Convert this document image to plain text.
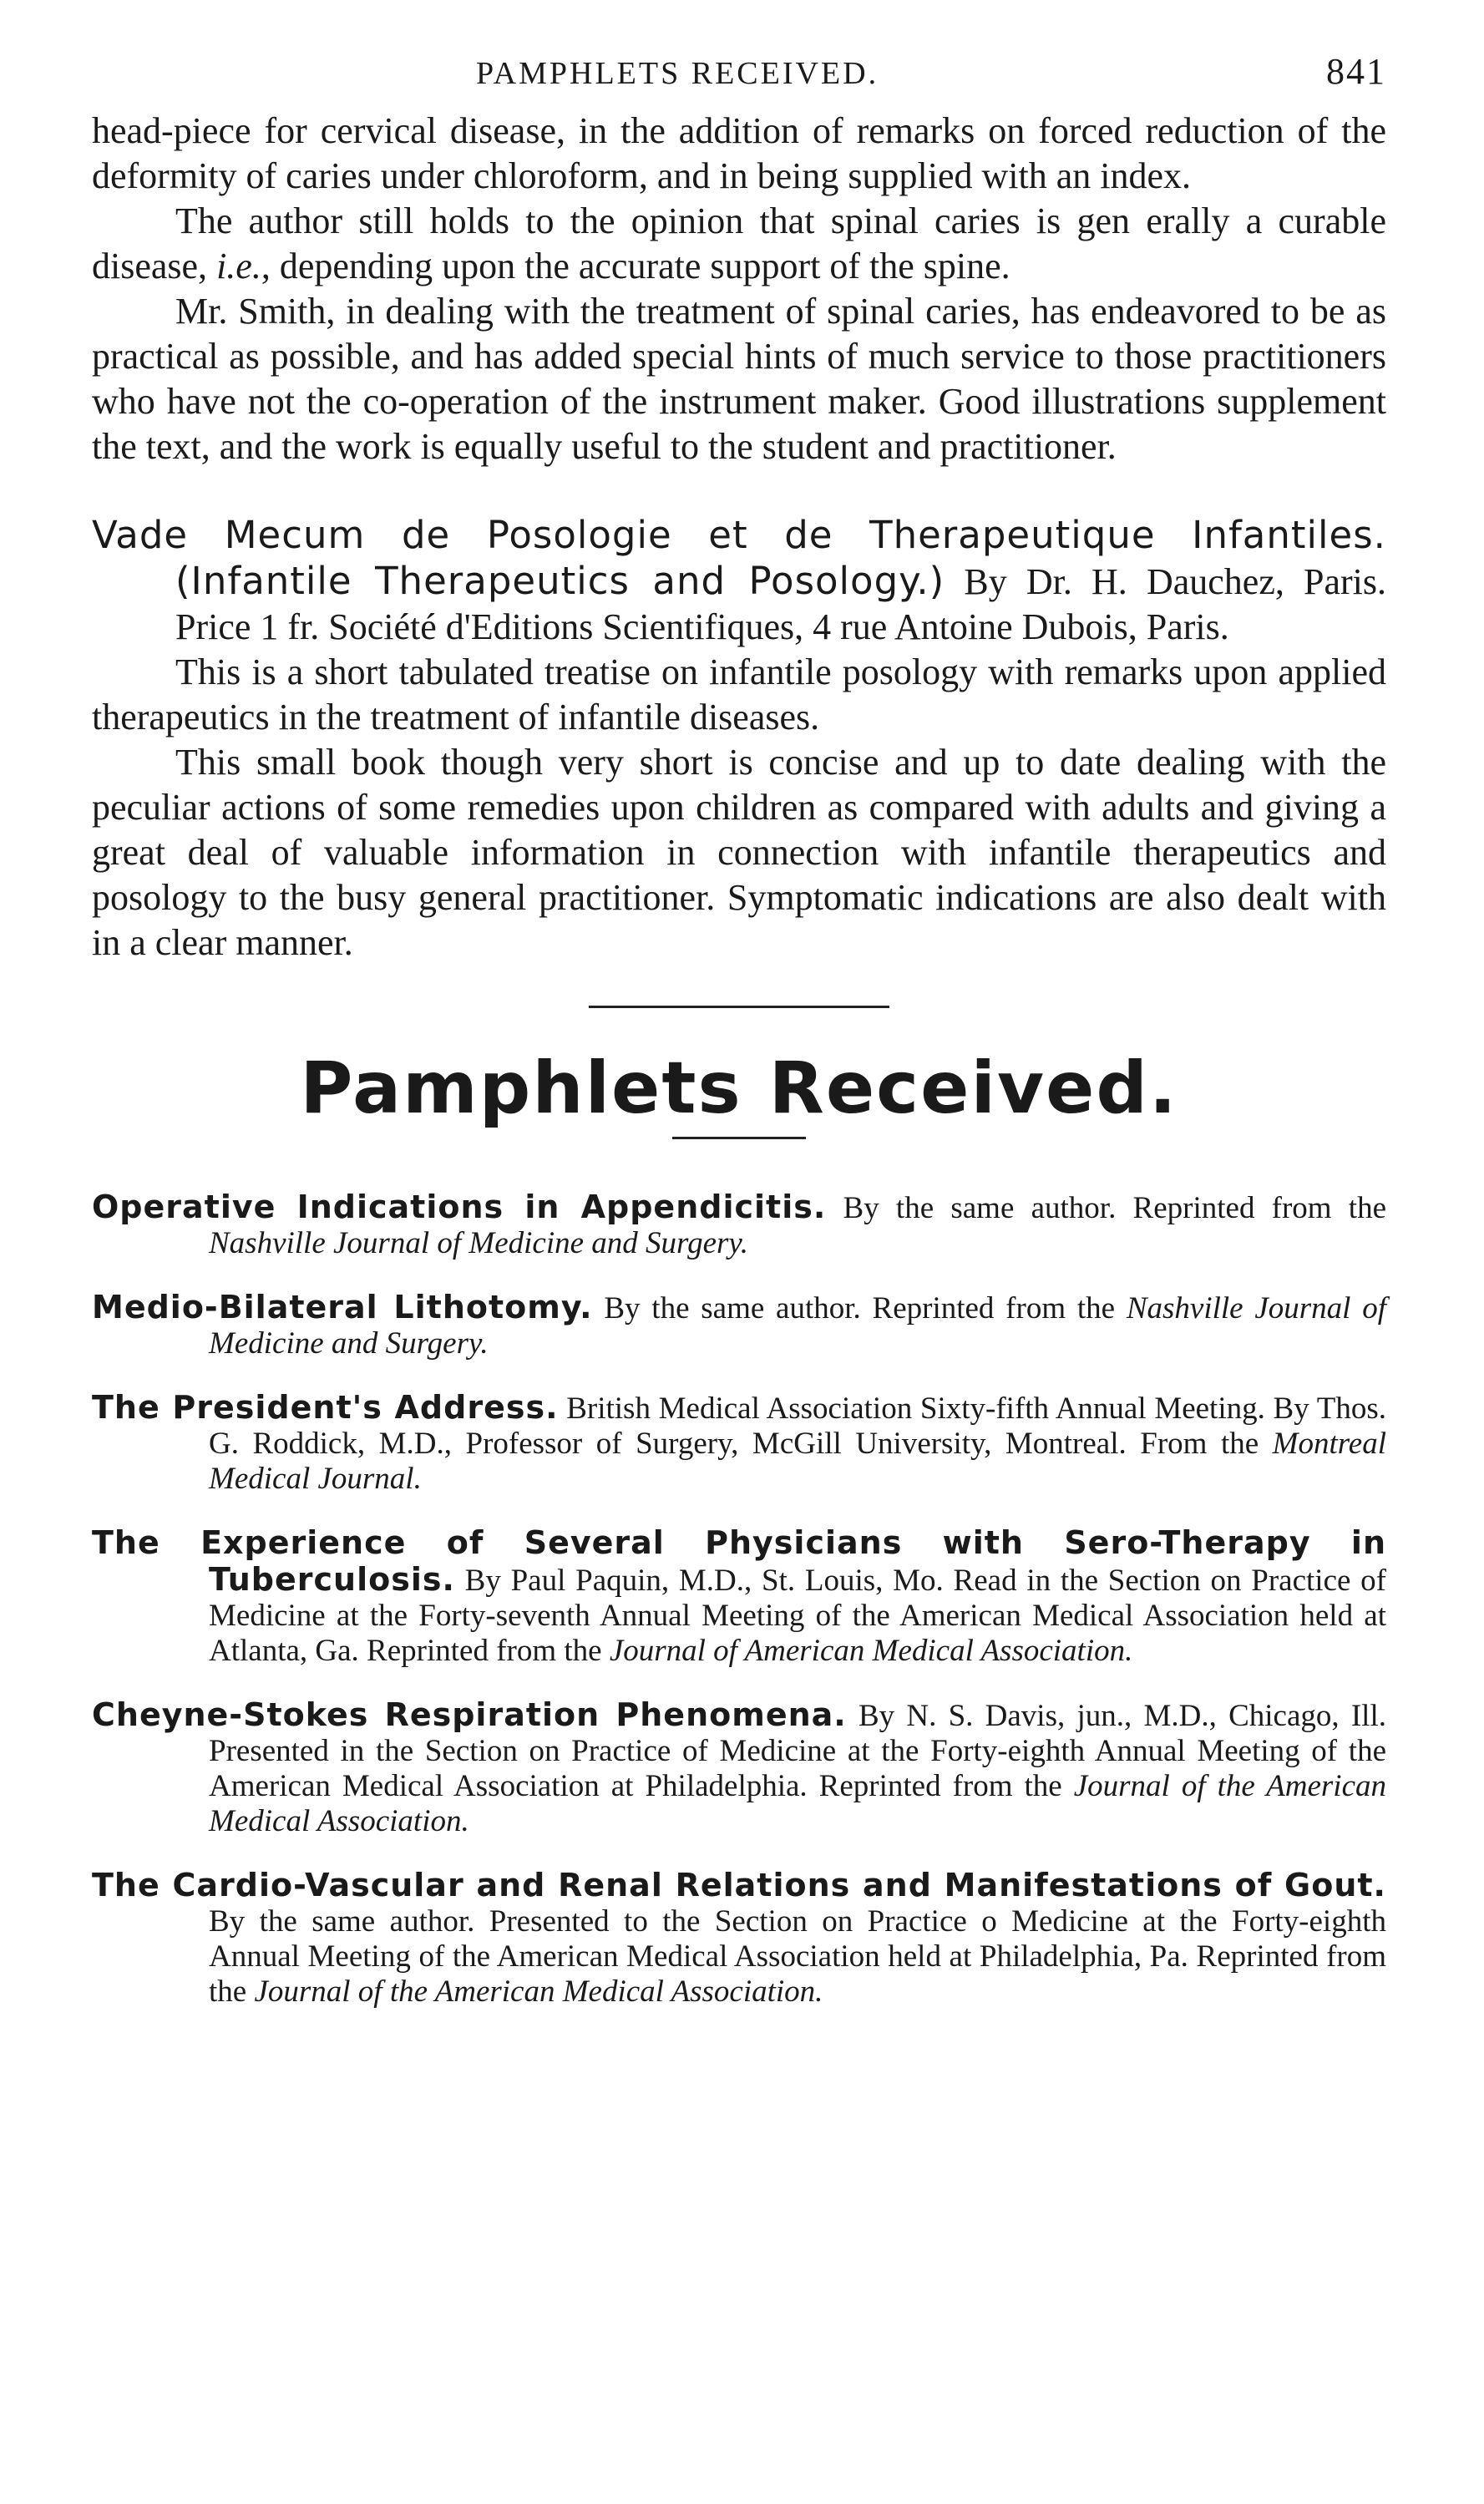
PAMPHLETS RECEIVED.	841

head-piece for cervical disease, in the addition of remarks on forced reduction of the deformity of caries under chloroform, and in being supplied with an index.

The author still holds to the opinion that spinal caries is gen erally a curable disease, i.e., depending upon the accurate support of the spine.

Mr. Smith, in dealing with the treatment of spinal caries, has endeavored to be as practical as possible, and has added special hints of much service to those practitioners who have not the co-operation of the instrument maker. Good illustrations supplement the text, and the work is equally useful to the student and practitioner.

Vade Mecum de Posologie et de Therapeutique Infantiles. (Infantile Therapeutics and Posology.) By Dr. H. Dauchez, Paris. Price 1 fr. Société d'Editions Scientifiques, 4 rue Antoine Dubois, Paris.

This is a short tabulated treatise on infantile posology with remarks upon applied therapeutics in the treatment of infantile diseases.

This small book though very short is concise and up to date dealing with the peculiar actions of some remedies upon children as compared with adults and giving a great deal of valuable information in connection with infantile therapeutics and posology to the busy general practitioner. Symptomatic indications are also dealt with in a clear manner.

Pamphlets Received.
Operative Indications in Appendicitis. By the same author. Reprinted from the Nashville Journal of Medicine and Surgery.
Medio-Bilateral Lithotomy. By the same author. Reprinted from the Nashville Journal of Medicine and Surgery.
The President's Address. British Medical Association Sixty-fifth Annual Meeting. By Thos. G. Roddick, M.D., Professor of Surgery, McGill University, Montreal. From the Montreal Medical Journal.
The Experience of Several Physicians with Sero-Therapy in Tuberculosis. By Paul Paquin, M.D., St. Louis, Mo. Read in the Section on Practice of Medicine at the Forty-seventh Annual Meeting of the American Medical Association held at Atlanta, Ga. Reprinted from the Journal of American Medical Association.
Cheyne-Stokes Respiration Phenomena. By N. S. Davis, jun., M.D., Chicago, Ill. Presented in the Section on Practice of Medicine at the Forty-eighth Annual Meeting of the American Medical Association at Philadelphia. Reprinted from the Journal of the American Medical Association.
The Cardio-Vascular and Renal Relations and Manifestations of Gout. By the same author. Presented to the Section on Practice o Medicine at the Forty-eighth Annual Meeting of the American Medical Association held at Philadelphia, Pa. Reprinted from the Journal of the American Medical Association.
